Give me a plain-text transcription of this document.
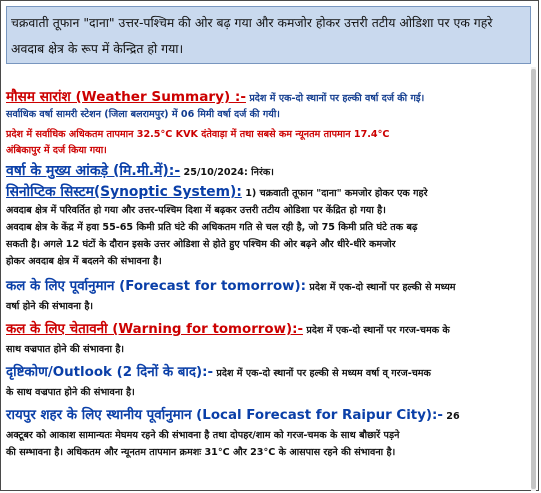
चक्रवाती तूफान "दाना" उत्तर-पश्चिम की ओर बढ़ गया और कमजोर होकर उत्तरी तटीय ओडिशा पर एक गहरे
अवदाब क्षेत्र के रूप में केन्द्रित हो गया।
मौसम सारांश (Weather Summary) :- प्रदेश में एक-दो स्थानों पर हल्की वर्षा दर्ज की गई।
सर्वाधिक वर्षा सामरी स्टेशन (जिला बलरामपुर) में 06 मिमी वर्षा दर्ज की गयी।
प्रदेश में सर्वाधिक अधिकतम तापमान 32.5°C KVK दंतेवाड़ा में तथा सबसे कम न्यूनतम तापमान 17.4°C
अंबिकापुर में दर्ज किया गया।
वर्षा के मुख्य आंकड़े (मि.मी.में):- 25/10/2024: निरंक।
सिनोप्टिक सिस्टम(Synoptic System): 1) चक्रवाती तूफान "दाना" कमजोर होकर एक गहरे
अवदाब क्षेत्र में परिवर्तित हो गया और उत्तर-पश्चिम दिशा में बढ़कर उत्तरी तटीय ओडिशा पर केंद्रित हो गया है।
अवदाब क्षेत्र के केंद्र में हवा 55-65 किमी प्रति घंटे की अधिकतम गति से चल रही है, जो 75 किमी प्रति घंटे तक बढ़
सकती है। अगले 12 घंटों के दौरान इसके उत्तर ओडिशा से होते हुए पश्चिम की ओर बढ़ने और धीरे-धीरे कमजोर
होकर अवदाब क्षेत्र में बदलने की संभावना है।
कल के लिए पूर्वानुमान (Forecast for tomorrow): प्रदेश में एक-दो स्थानों पर हल्की से मध्यम
वर्षा होने की संभावना है।
कल के लिए चेतावनी (Warning for tomorrow):- प्रदेश में एक-दो स्थानों पर गरज-चमक के
साथ वज्रपात होने की संभावना है।
दृष्टिकोण/Outlook (2 दिनों के बाद):- प्रदेश में एक-दो स्थानों पर हल्की से मध्यम वर्षा व् गरज-चमक
के साथ वज्रपात होने की संभावना है।
रायपुर शहर के लिए स्थानीय पूर्वानुमान (Local Forecast for Raipur City):- 26
अक्टूबर को आकाश सामान्यतः मेघमय रहने की संभावना है तथा दोपहर/शाम को गरज-चमक के साथ बौछारें पड़ने
की सम्भावना है। अधिकतम और न्यूनतम तापमान क्रमशः 31°C और 23°C के आसपास रहने की संभावना है।
